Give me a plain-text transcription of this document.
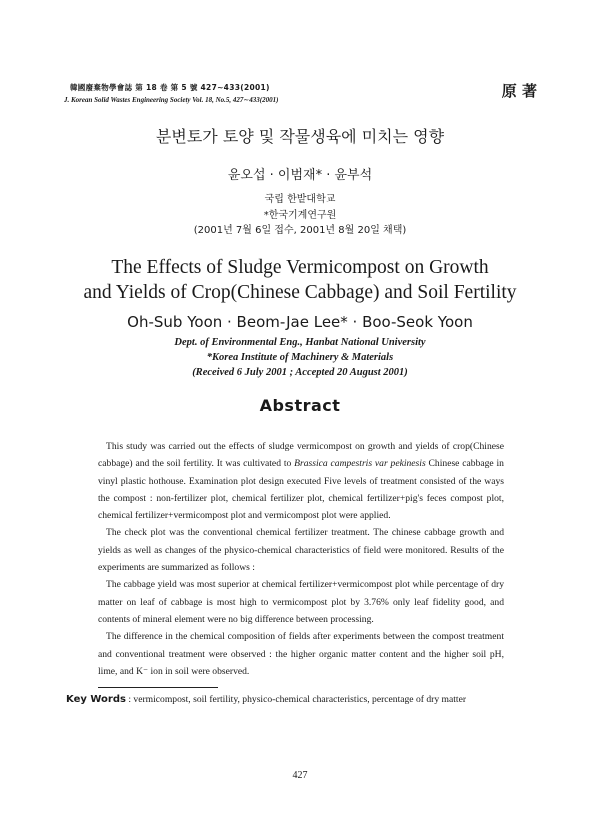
韓國廢棄物學會誌 第 18 卷 第 5 號 427∼433(2001)
J. Korean Solid Wastes Engineering Society Vol. 18, No.5, 427∼433(2001)	原 著
분변토가 토양 및 작물생육에 미치는 영향
윤오섭 · 이범재* · 윤부석
국립 한밭대학교
*한국기계연구원
(2001년 7월 6일 접수, 2001년 8월 20일 채택)
The Effects of Sludge Vermicompost on Growth
and Yields of Crop(Chinese Cabbage) and Soil Fertility
Oh-Sub Yoon · Beom-Jae Lee* · Boo-Seok Yoon
Dept. of Environmental Eng., Hanbat National University
*Korea Institute of Machinery & Materials
(Received 6 July 2001 ; Accepted 20 August 2001)
Abstract

This study was carried out the effects of sludge vermicompost on growth and yields of crop(Chinese cabbage) and the soil fertility. It was cultivated to Brassica campestris var pekinesis Chinese cabbage in vinyl plastic hothouse. Examination plot design executed Five levels of treatment consisted of the ways the compost : non-fertilizer plot, chemical fertilizer plot, chemical fertilizer+pig's feces compost plot, chemical fertilizer+vermicompost plot and vermicompost plot were applied.

The check plot was the conventional chemical fertilizer treatment. The chinese cabbage growth and yields as well as changes of the physico-chemical characteristics of field were monitored. Results of the experiments are summarized as follows :

The cabbage yield was most superior at chemical fertilizer+vermicompost plot while percentage of dry matter on leaf of cabbage is most high to vermicompost plot by 3.76% only leaf fidelity good, and contents of mineral element were no big difference between processing.

The difference in the chemical composition of fields after experiments between the compost treatment and conventional treatment were observed : the higher organic matter content and the higher soil pH, lime, and K⁻ ion in soil were observed.

Key Words : vermicompost, soil fertility, physico-chemical characteristics, percentage of dry matter
427
